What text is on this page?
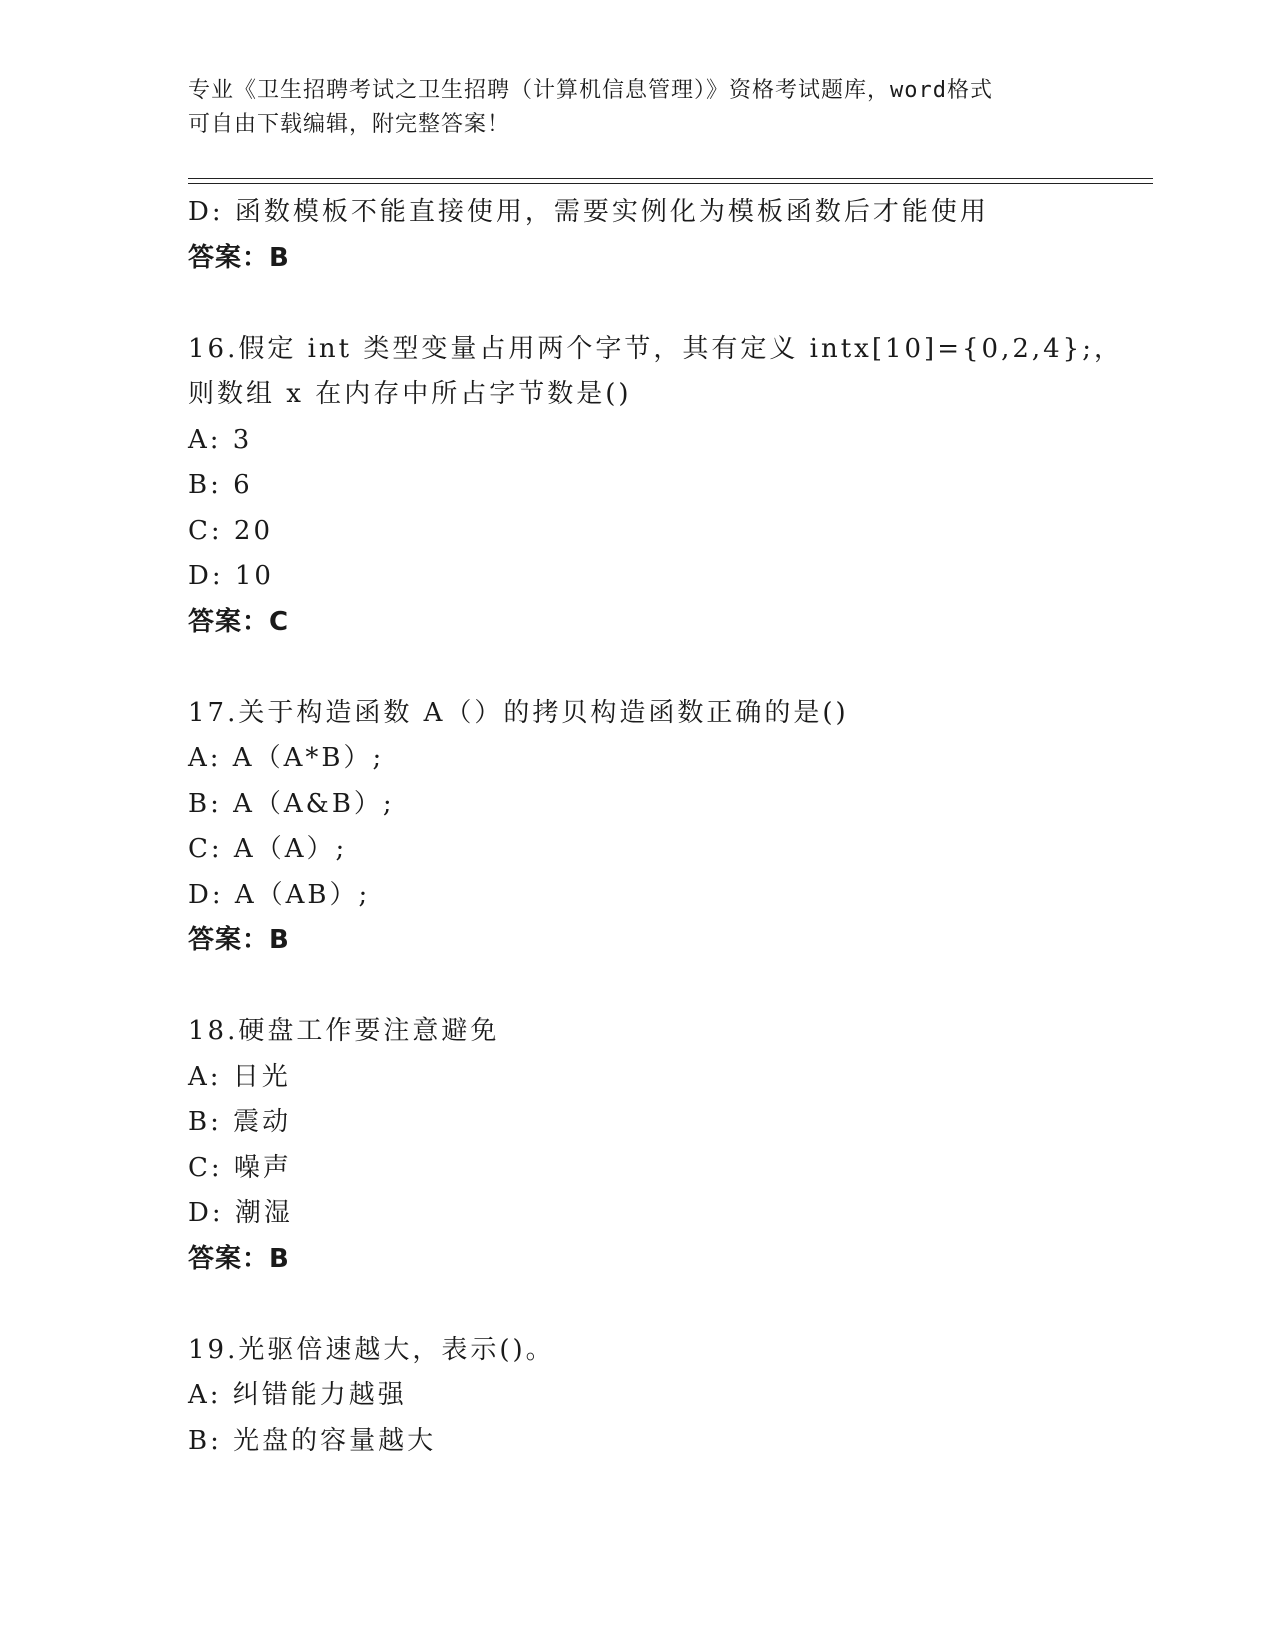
专业《卫生招聘考试之卫生招聘（计算机信息管理）》资格考试题库，word格式
可自由下载编辑，附完整答案！
D: 函数模板不能直接使用，需要实例化为模板函数后才能使用
答案：B
16.假定 int 类型变量占用两个字节，其有定义 intx[10]={0,2,4};，
则数组 x 在内存中所占字节数是()
A: 3
B: 6
C: 20
D: 10
答案：C
17.关于构造函数 A（）的拷贝构造函数正确的是()
A: A（A*B）;
B: A（A&B）;
C: A（A）;
D: A（AB）;
答案：B
18.硬盘工作要注意避免
A: 日光
B: 震动
C: 噪声
D: 潮湿
答案：B
19.光驱倍速越大，表示()。
A: 纠错能力越强
B: 光盘的容量越大
